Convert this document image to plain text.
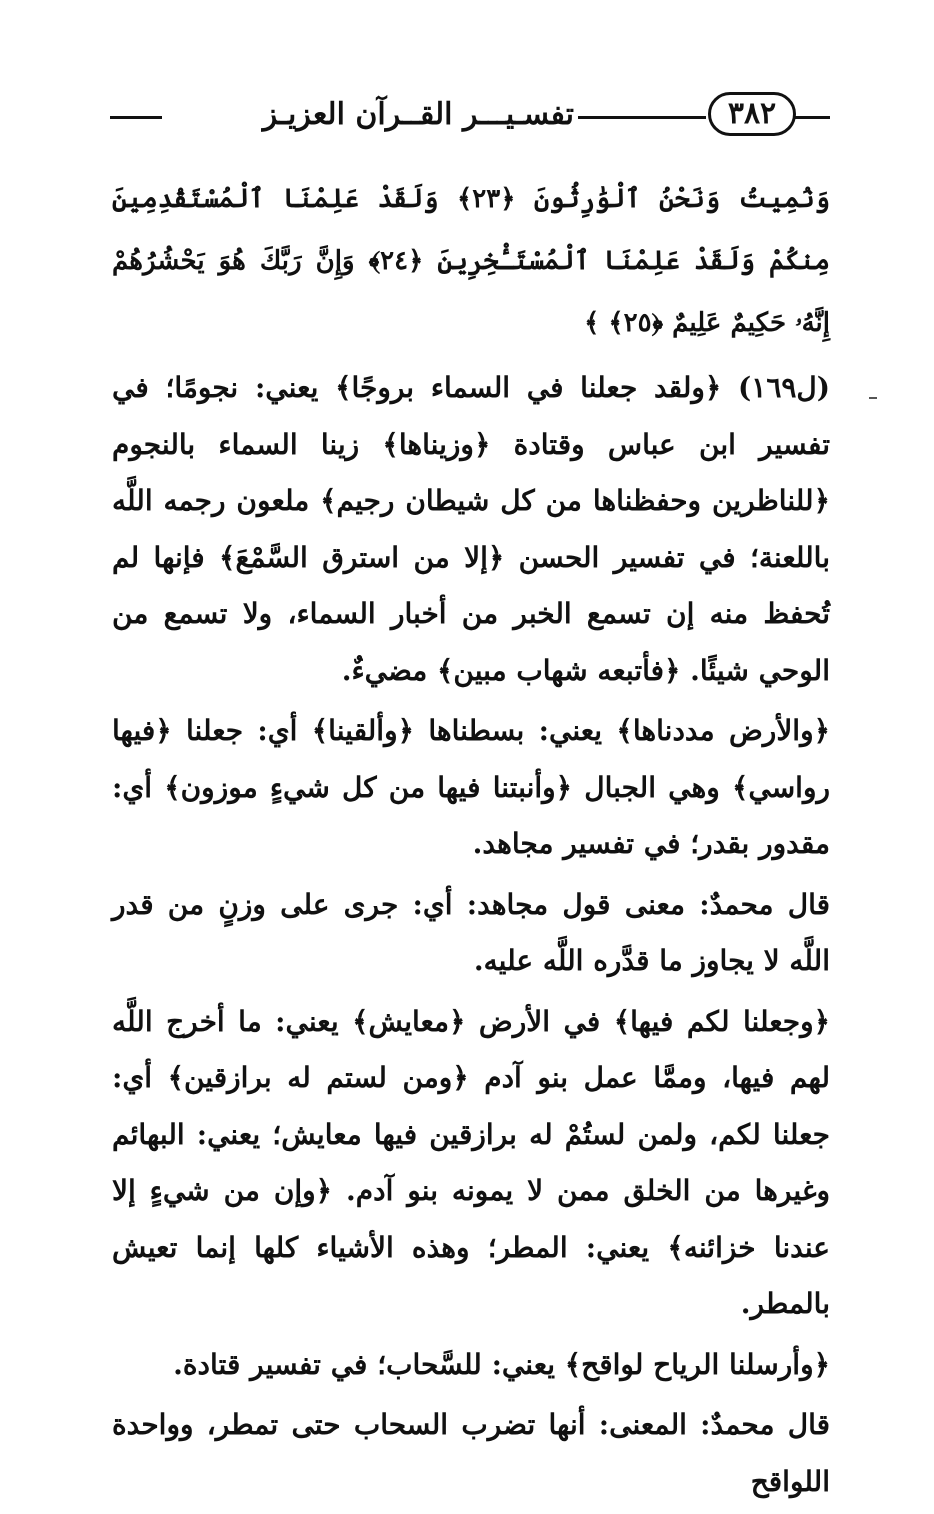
٣٨٢
تفسـيـــر القــرآن العزيـز

وَنُمِيتُ وَنَحْنُ ٱلْوَٰرِثُونَ ﴿٢٣﴾ وَلَقَدْ عَلِمْنَا ٱلْمُسْتَقْدِمِينَ مِنكُمْ وَلَقَدْ عَلِمْنَا ٱلْمُسْتَـْٔخِرِينَ ﴿٢٤﴾ وَإِنَّ رَبَّكَ هُوَ يَحْشُرُهُمْ إِنَّهُۥ حَكِيمٌ عَلِيمٌ ﴿٢٥﴾ ﴾

(ل١٦٩) ﴿ولقد جعلنا في السماء بروجًا﴾ يعني: نجومًا؛ في تفسير ابن عباس وقتادة ﴿وزيناها﴾ زينا السماء بالنجوم ﴿للناظرين وحفظناها من كل شيطان رجيم﴾ ملعون رجمه اللَّه باللعنة؛ في تفسير الحسن ﴿إلا من استرق السَّمْعَ﴾ فإنها لم تُحفظ منه إن تسمع الخبر من أخبار السماء، ولا تسمع من الوحي شيئًا. ﴿فأتبعه شهاب مبين﴾ مضيءٌ.

﴿والأرض مددناها﴾ يعني: بسطناها ﴿وألقينا﴾ أي: جعلنا ﴿فيها رواسي﴾ وهي الجبال ﴿وأنبتنا فيها من كل شيءٍ موزون﴾ أي: مقدور بقدر؛ في تفسير مجاهد.

قال محمدٌ: معنى قول مجاهد: أي: جرى على وزنٍ من قدر اللَّه لا يجاوز ما قدَّره اللَّه عليه.

﴿وجعلنا لكم فيها﴾ في الأرض ﴿معايش﴾ يعني: ما أخرج اللَّه لهم فيها، وممَّا عمل بنو آدم ﴿ومن لستم له برازقين﴾ أي: جعلنا لكم، ولمن لستُمْ له برازقين فيها معايش؛ يعني: البهائم وغيرها من الخلق ممن لا يمونه بنو آدم. ﴿وإن من شيءٍ إلا عندنا خزائنه﴾ يعني: المطر؛ وهذه الأشياء كلها إنما تعيش بالمطر.

﴿وأرسلنا الرياح لواقح﴾ يعني: للسَّحاب؛ في تفسير قتادة.

قال محمدٌ: المعنى: أنها تضرب السحاب حتى تمطر، وواحدة اللواقح
